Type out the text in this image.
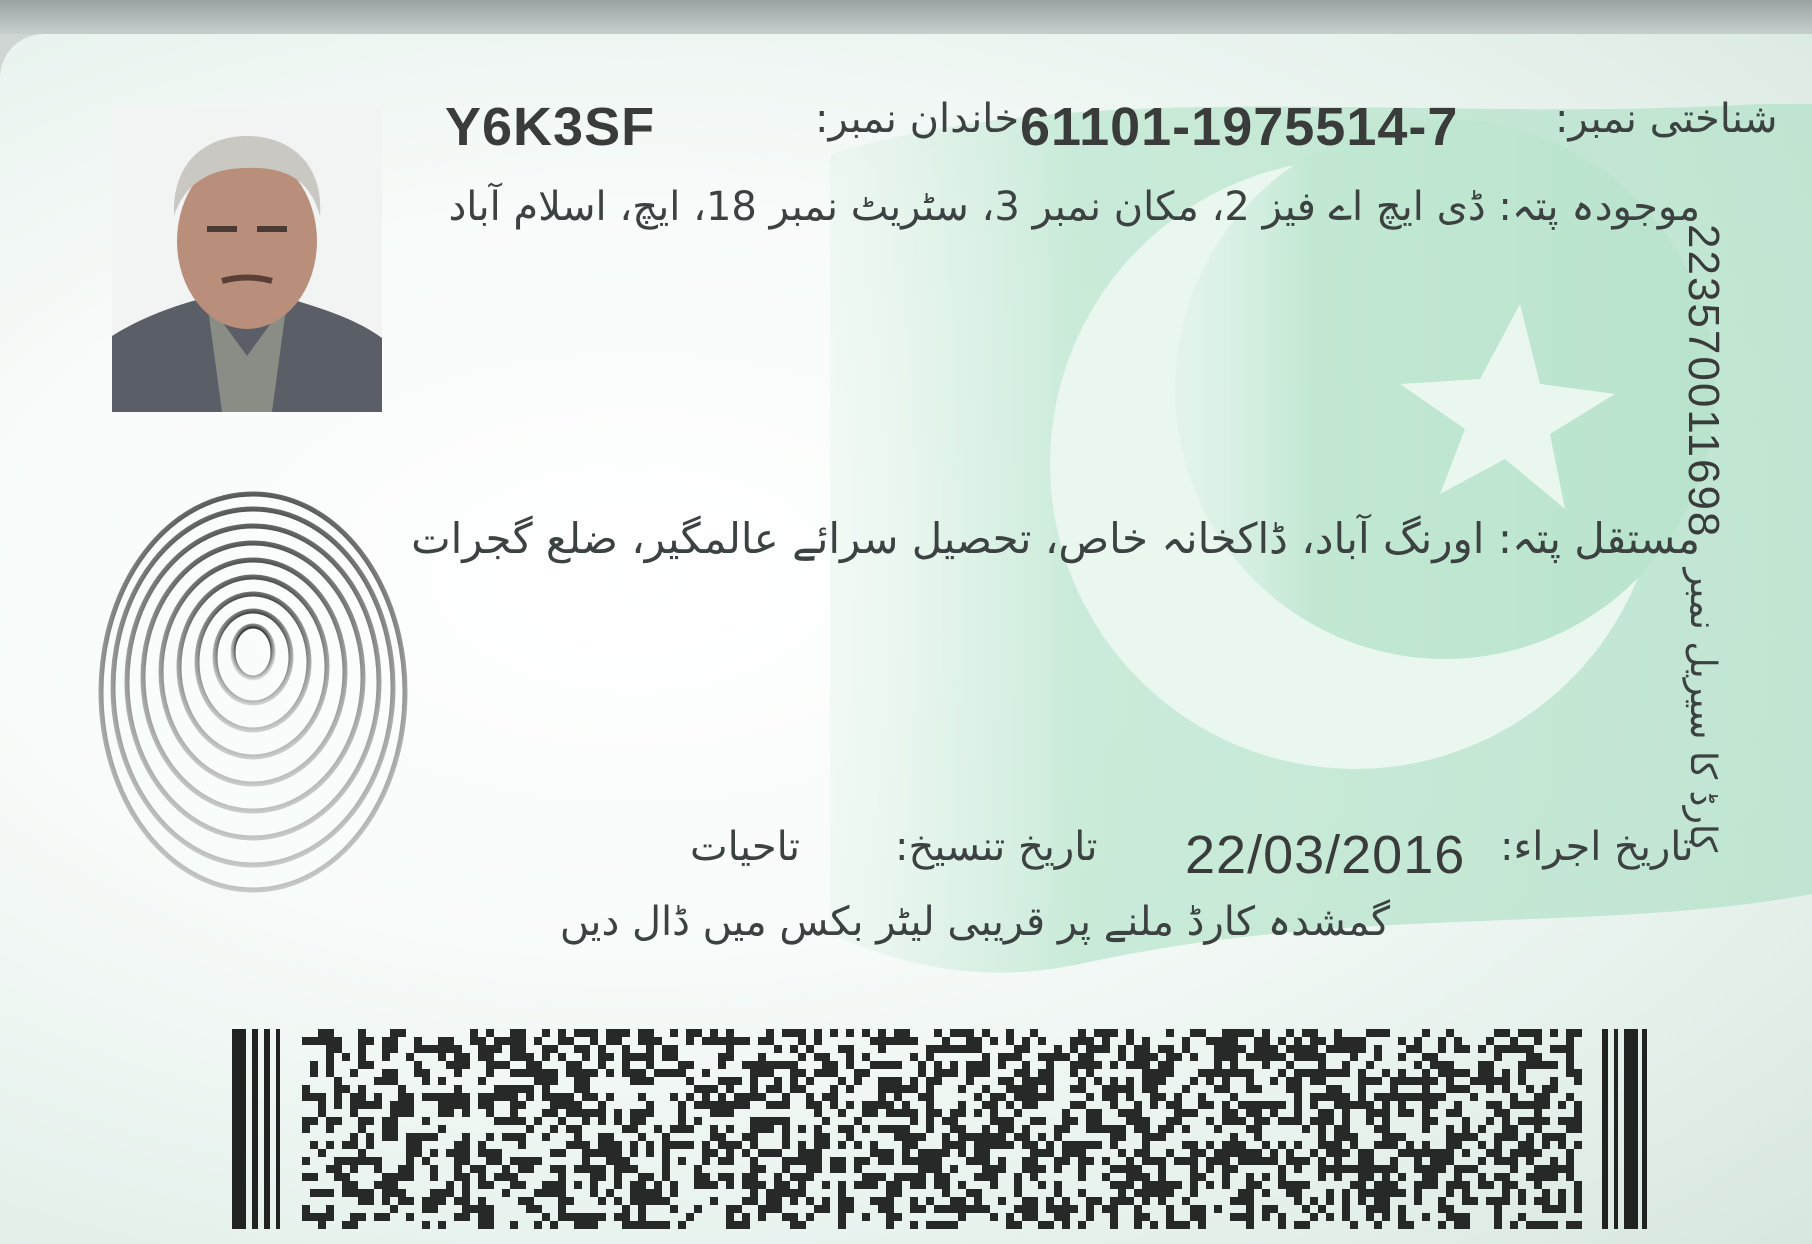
شناختی نمبر:
61101-1975514-7
خاندان نمبر:
Y6K3SF
موجودہ پتہ: ڈی ایچ اے فیز 2، مکان نمبر 3، سٹریٹ نمبر 18، ایچ، اسلام آباد
مستقل پتہ: اورنگ آباد، ڈاکخانہ خاص، تحصیل سرائے عالمگیر، ضلع گجرات
تاریخ اجراء:
22/03/2016
تاریخ تنسیخ:
تاحیات
گمشدہ کارڈ ملنے پر قریبی لیٹر بکس میں ڈال دیں
223570011698
کارڈ کا سیریل نمبر
